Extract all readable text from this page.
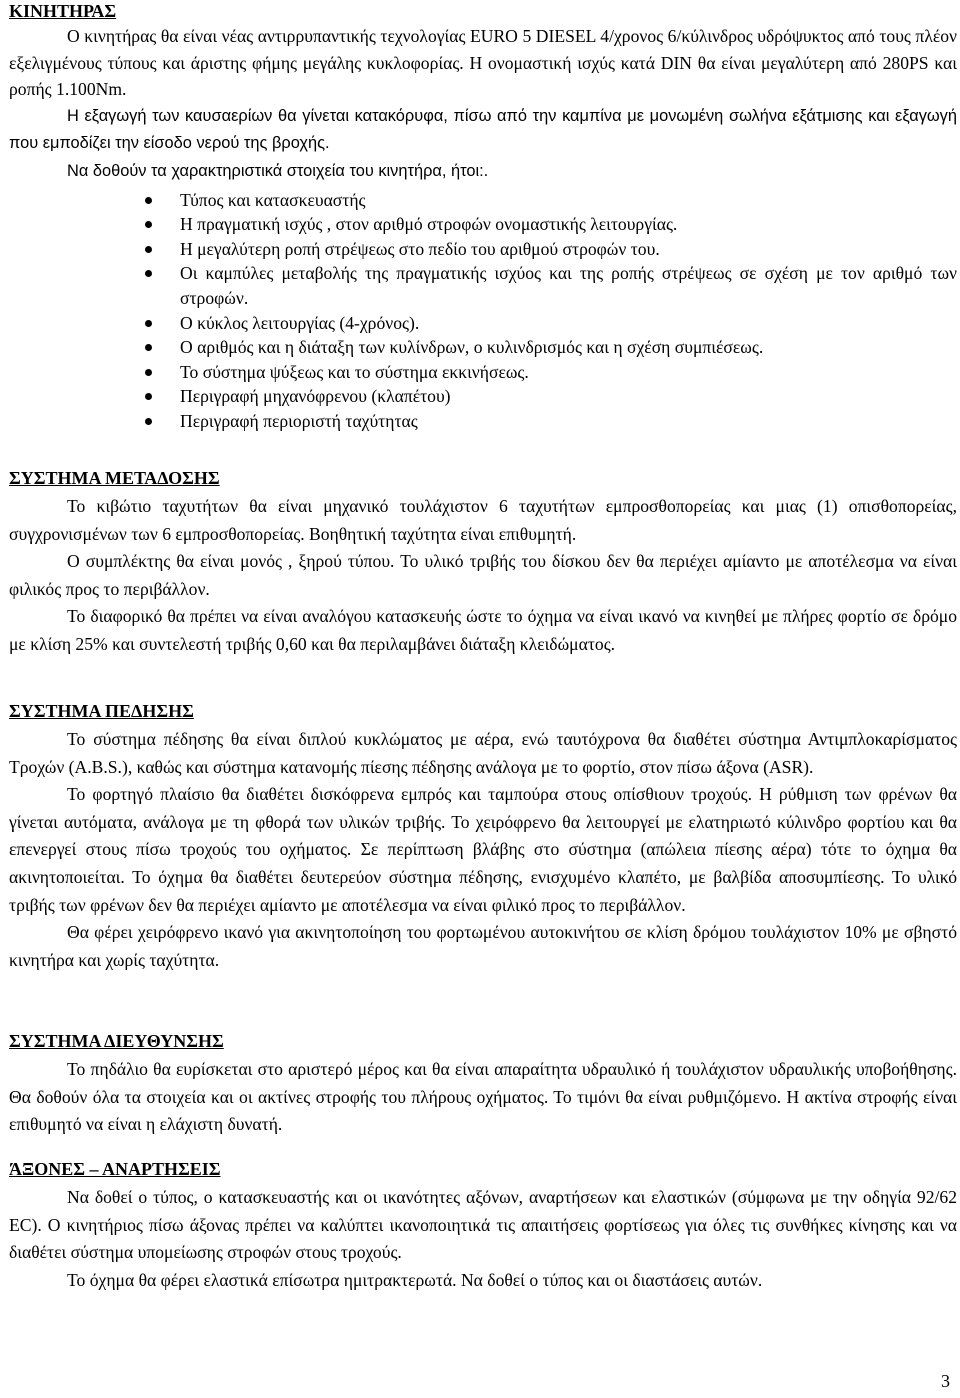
ΚΙΝΗΤΗΡΑΣ

Ο κινητήρας θα είναι νέας αντιρρυπαντικής τεχνολογίας EURO 5 DIESEL 4/χρονος 6/κύλινδρος υδρόψυκτος από τους πλέον εξελιγμένους τύπους και άριστης φήμης μεγάλης κυκλοφορίας. Η ονομαστική ισχύς κατά DIN θα είναι μεγαλύτερη από 280PS και ροπής 1.100Nm.

Η εξαγωγή των καυσαερίων θα γίνεται κατακόρυφα, πίσω από την καμπίνα με μονωμένη σωλήνα εξάτμισης και εξαγωγή που εμποδίζει την είσοδο νερού της βροχής.

Να δοθούν τα χαρακτηριστικά στοιχεία του κινητήρα, ήτοι:.

Τύπος και κατασκευαστής
Η πραγματική ισχύς , στον αριθμό στροφών ονομαστικής λειτουργίας.
Η μεγαλύτερη ροπή στρέψεως στο πεδίο του αριθμού στροφών του.
Οι καμπύλες μεταβολής της πραγματικής ισχύος και της ροπής στρέψεως σε σχέση με τον αριθμό των στροφών.
Ο κύκλος λειτουργίας (4-χρόνος).
Ο αριθμός και η διάταξη των κυλίνδρων, ο κυλινδρισμός και η σχέση συμπιέσεως.
Το σύστημα ψύξεως και το σύστημα εκκινήσεως.
Περιγραφή μηχανόφρενου (κλαπέτου)
Περιγραφή περιοριστή ταχύτητας
ΣΥΣΤΗΜΑ ΜΕΤΑΔΟΣΗΣ

Το κιβώτιο ταχυτήτων θα είναι μηχανικό τουλάχιστον 6 ταχυτήτων εμπροσθοπορείας και μιας (1) οπισθοπορείας, συγχρονισμένων των 6 εμπροσθοπορείας. Βοηθητική ταχύτητα είναι επιθυμητή.

Ο συμπλέκτης θα είναι μονός , ξηρού τύπου. Το υλικό τριβής του δίσκου δεν θα περιέχει αμίαντο με αποτέλεσμα να είναι φιλικός προς το περιβάλλον.

Το διαφορικό θα πρέπει να είναι αναλόγου κατασκευής ώστε το όχημα να είναι ικανό να κινηθεί με πλήρες φορτίο σε δρόμο με κλίση 25% και συντελεστή τριβής 0,60 και θα περιλαμβάνει διάταξη κλειδώματος.

ΣΥΣΤΗΜΑ ΠΕΔΗΣΗΣ

Το σύστημα πέδησης θα είναι διπλού κυκλώματος με αέρα, ενώ ταυτόχρονα θα διαθέτει σύστημα Αντιμπλοκαρίσματος Τροχών (Α.Β.S.), καθώς και σύστημα κατανομής πίεσης πέδησης ανάλογα με το φορτίο, στον πίσω άξονα (ASR).

Το φορτηγό πλαίσιο θα διαθέτει δισκόφρενα εμπρός και ταμπούρα στους οπίσθιουν τροχούς. Η ρύθμιση των φρένων θα γίνεται αυτόματα, ανάλογα με τη φθορά των υλικών τριβής. Το χειρόφρενο θα λειτουργεί με ελατηριωτό κύλινδρο φορτίου και θα επενεργεί στους πίσω τροχούς του οχήματος. Σε περίπτωση βλάβης στο σύστημα (απώλεια πίεσης αέρα) τότε το όχημα θα ακινητοποιείται. Το όχημα θα διαθέτει δευτερεύον σύστημα πέδησης, ενισχυμένο κλαπέτο, με βαλβίδα αποσυμπίεσης. Το υλικό τριβής των φρένων δεν θα περιέχει αμίαντο με αποτέλεσμα να είναι φιλικό προς το περιβάλλον.

Θα φέρει χειρόφρενο ικανό για ακινητοποίηση του φορτωμένου αυτοκινήτου σε κλίση δρόμου τουλάχιστον 10% με σβηστό κινητήρα και χωρίς ταχύτητα.

ΣΥΣΤΗΜΑ ΔΙΕΥΘΥΝΣΗΣ

Το πηδάλιο θα ευρίσκεται στο αριστερό μέρος και θα είναι απαραίτητα υδραυλικό ή τουλάχιστον υδραυλικής υποβοήθησης. Θα δοθούν όλα τα στοιχεία και οι ακτίνες στροφής του πλήρους οχήματος. Το τιμόνι θα είναι ρυθμιζόμενο. Η ακτίνα στροφής είναι επιθυμητό να είναι η ελάχιστη δυνατή.

ΆΞΟΝΕΣ – ΑΝΑΡΤΗΣΕΙΣ

Να δοθεί ο τύπος, ο κατασκευαστής και οι ικανότητες αξόνων, αναρτήσεων και ελαστικών (σύμφωνα με την οδηγία 92/62 EC). Ο κινητήριος πίσω άξονας πρέπει να καλύπτει ικανοποιητικά τις απαιτήσεις φορτίσεως για όλες τις συνθήκες κίνησης και να διαθέτει σύστημα υπομείωσης στροφών στους τροχούς.

Το όχημα θα φέρει ελαστικά επίσωτρα ημιτρακτερωτά. Να δοθεί ο τύπος και οι διαστάσεις αυτών.

3
